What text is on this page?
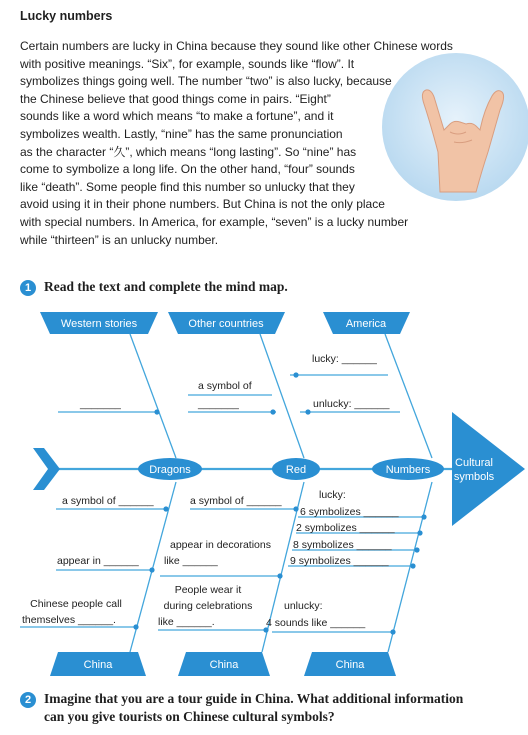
Lucky numbers
Certain numbers are lucky in China because they sound like other Chinese words
with positive meanings. “Six”, for example, sounds like “flow”. It
symbolizes things going well. The number “two” is also lucky, because
the Chinese believe that good things come in pairs. “Eight”
sounds like a word which means “to make a fortune”, and it
symbolizes wealth. Lastly, “nine” has the same pronunciation
as the character “久”, which means “long lasting”. So “nine” has
come to symbolize a long life. On the other hand, “four” sounds
like “death”. Some people find this number so unlucky that they
avoid using it in their phone numbers. But China is not the only place
with special numbers. In America, for example, “seven” is a lucky number
while “thirteen” is an unlucky number.
1 Read the text and complete the mind map.
Western stories	Other countries	America
Dragons	Red	Numbers
Cultural
symbols
China	China	China
lucky: ______
_______
a symbol of
_______	unlucky: ______
a symbol of ______	a symbol of ______	lucky:
6 symbolizes ______
2 symbolizes ______
8 symbolizes ______
9 symbolizes ______
appear in ______
appear in decorations
like ______
Chinese people call
themselves ______.
People wear it
during celebrations
like ______.
unlucky:
4 sounds like ______
2 Imagine that you are a tour guide in China. What additional information
can you give tourists on Chinese cultural symbols?
